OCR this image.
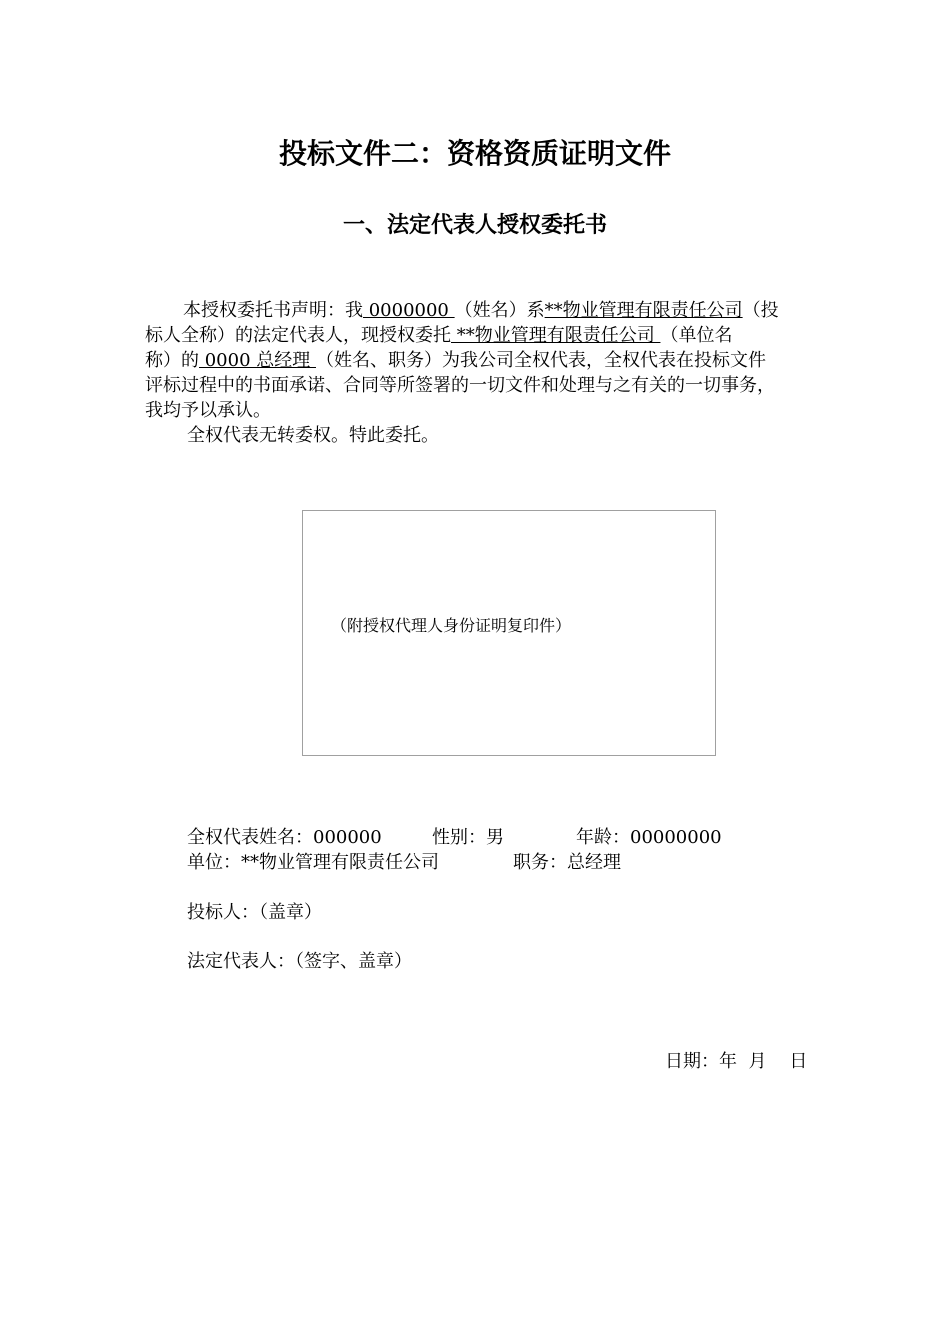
投标文件二：资格资质证明文件
一、法定代表人授权委托书
本授权委托书声明：我 0000000 （姓名）系**物业管理有限责任公司（投
标人全称）的法定代表人，现授权委托 **物业管理有限责任公司 （单位名
称）的 0000 总经理 （姓名、职务）为我公司全权代表，全权代表在投标文件
评标过程中的书面承诺、合同等所签署的一切文件和处理与之有关的一切事务，
我均予以承认。
全权代表无转委权。特此委托。
（附授权代理人身份证明复印件）
全权代表姓名：000000	性别：男	年龄：00000000
单位：**物业管理有限责任公司	职务：总经理
投标人：（盖章）
法定代表人：（签字、盖章）
日期：年  月    日
